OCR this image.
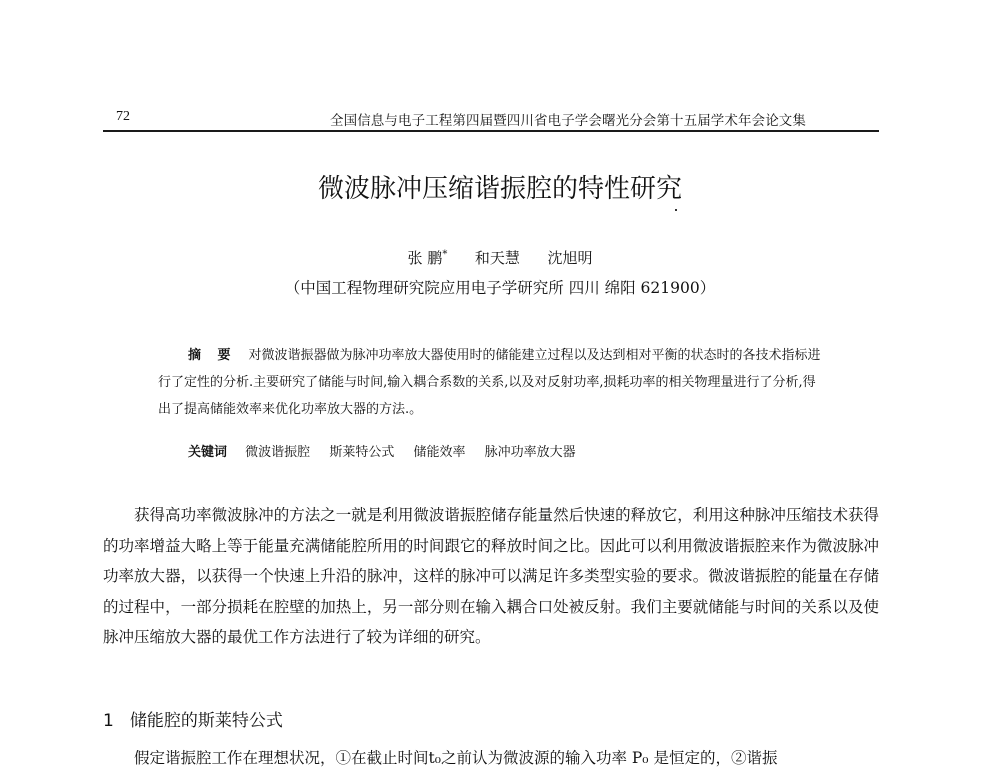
72	全国信息与电子工程第四届暨四川省电子学会曙光分会第十五届学术年会论文集
微波脉冲压缩谐振腔的特性研究
张 鹏* 和天慧 沈旭明
（中国工程物理研究院应用电子学研究所 四川 绵阳 621900）

摘 要 对微波谐振器做为脉冲功率放大器使用时的储能建立过程以及达到相对平衡的状态时的各技术指标进行了定性的分析.主要研究了储能与时间,输入耦合系数的关系,以及对反射功率,损耗功率的相关物理量进行了分析,得出了提高储能效率来优化功率放大器的方法.。

关键词 微波谐振腔 斯莱特公式 储能效率 脉冲功率放大器

获得高功率微波脉冲的方法之一就是利用微波谐振腔储存能量然后快速的释放它，利用这种脉冲压缩技术获得的功率增益大略上等于能量充满储能腔所用的时间跟它的释放时间之比。因此可以利用微波谐振腔来作为微波脉冲功率放大器，以获得一个快速上升沿的脉冲，这样的脉冲可以满足许多类型实验的要求。微波谐振腔的能量在存储的过程中，一部分损耗在腔壁的加热上，另一部分则在输入耦合口处被反射。我们主要就储能与时间的关系以及使脉冲压缩放大器的最优工作方法进行了较为详细的研究。

1 储能腔的斯莱特公式
假定谐振腔工作在理想状况，①在截止时间t₀之前认为微波源的输入功率 P₀ 是恒定的，②谐振
